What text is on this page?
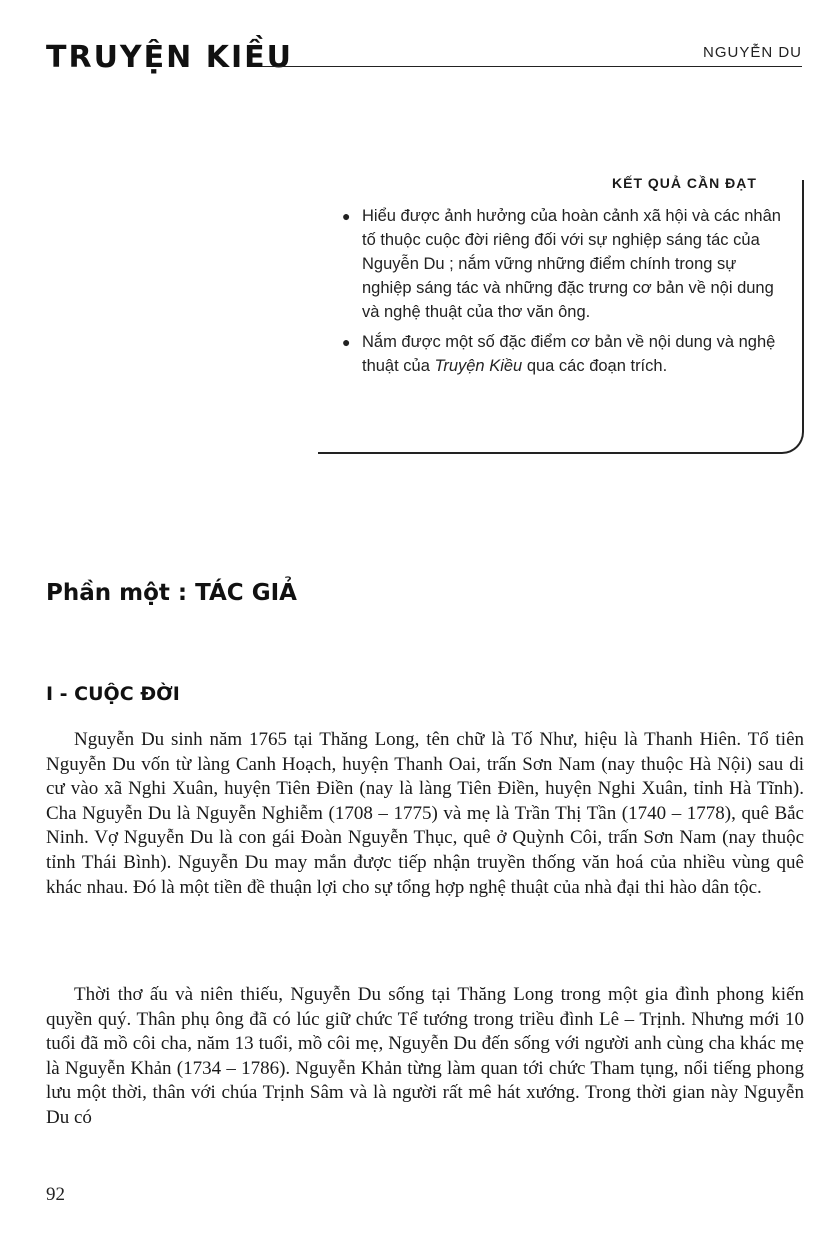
TRUYỆN KIỀU	NGUYỄN DU
KẾT QUẢ CẦN ĐẠT
● Hiểu được ảnh hưởng của hoàn cảnh xã hội và các nhân tố thuộc cuộc đời riêng đối với sự nghiệp sáng tác của Nguyễn Du ; nắm vững những điểm chính trong sự nghiệp sáng tác và những đặc trưng cơ bản về nội dung và nghệ thuật của thơ văn ông.
● Nắm được một số đặc điểm cơ bản về nội dung và nghệ thuật của Truyện Kiều qua các đoạn trích.
Phần một : TÁC GIẢ
I - CUỘC ĐỜI

Nguyễn Du sinh năm 1765 tại Thăng Long, tên chữ là Tố Như, hiệu là Thanh Hiên. Tổ tiên Nguyễn Du vốn từ làng Canh Hoạch, huyện Thanh Oai, trấn Sơn Nam (nay thuộc Hà Nội) sau di cư vào xã Nghi Xuân, huyện Tiên Điền (nay là làng Tiên Điền, huyện Nghi Xuân, tỉnh Hà Tĩnh). Cha Nguyễn Du là Nguyễn Nghiễm (1708 – 1775) và mẹ là Trần Thị Tần (1740 – 1778), quê Bắc Ninh. Vợ Nguyễn Du là con gái Đoàn Nguyễn Thục, quê ở Quỳnh Côi, trấn Sơn Nam (nay thuộc tỉnh Thái Bình). Nguyễn Du may mắn được tiếp nhận truyền thống văn hoá của nhiều vùng quê khác nhau. Đó là một tiền đề thuận lợi cho sự tổng hợp nghệ thuật của nhà đại thi hào dân tộc.

Thời thơ ấu và niên thiếu, Nguyễn Du sống tại Thăng Long trong một gia đình phong kiến quyền quý. Thân phụ ông đã có lúc giữ chức Tể tướng trong triều đình Lê – Trịnh. Nhưng mới 10 tuổi đã mồ côi cha, năm 13 tuổi, mồ côi mẹ, Nguyễn Du đến sống với người anh cùng cha khác mẹ là Nguyễn Khản (1734 – 1786). Nguyễn Khản từng làm quan tới chức Tham tụng, nổi tiếng phong lưu một thời, thân với chúa Trịnh Sâm và là người rất mê hát xướng. Trong thời gian này Nguyễn Du có

92
